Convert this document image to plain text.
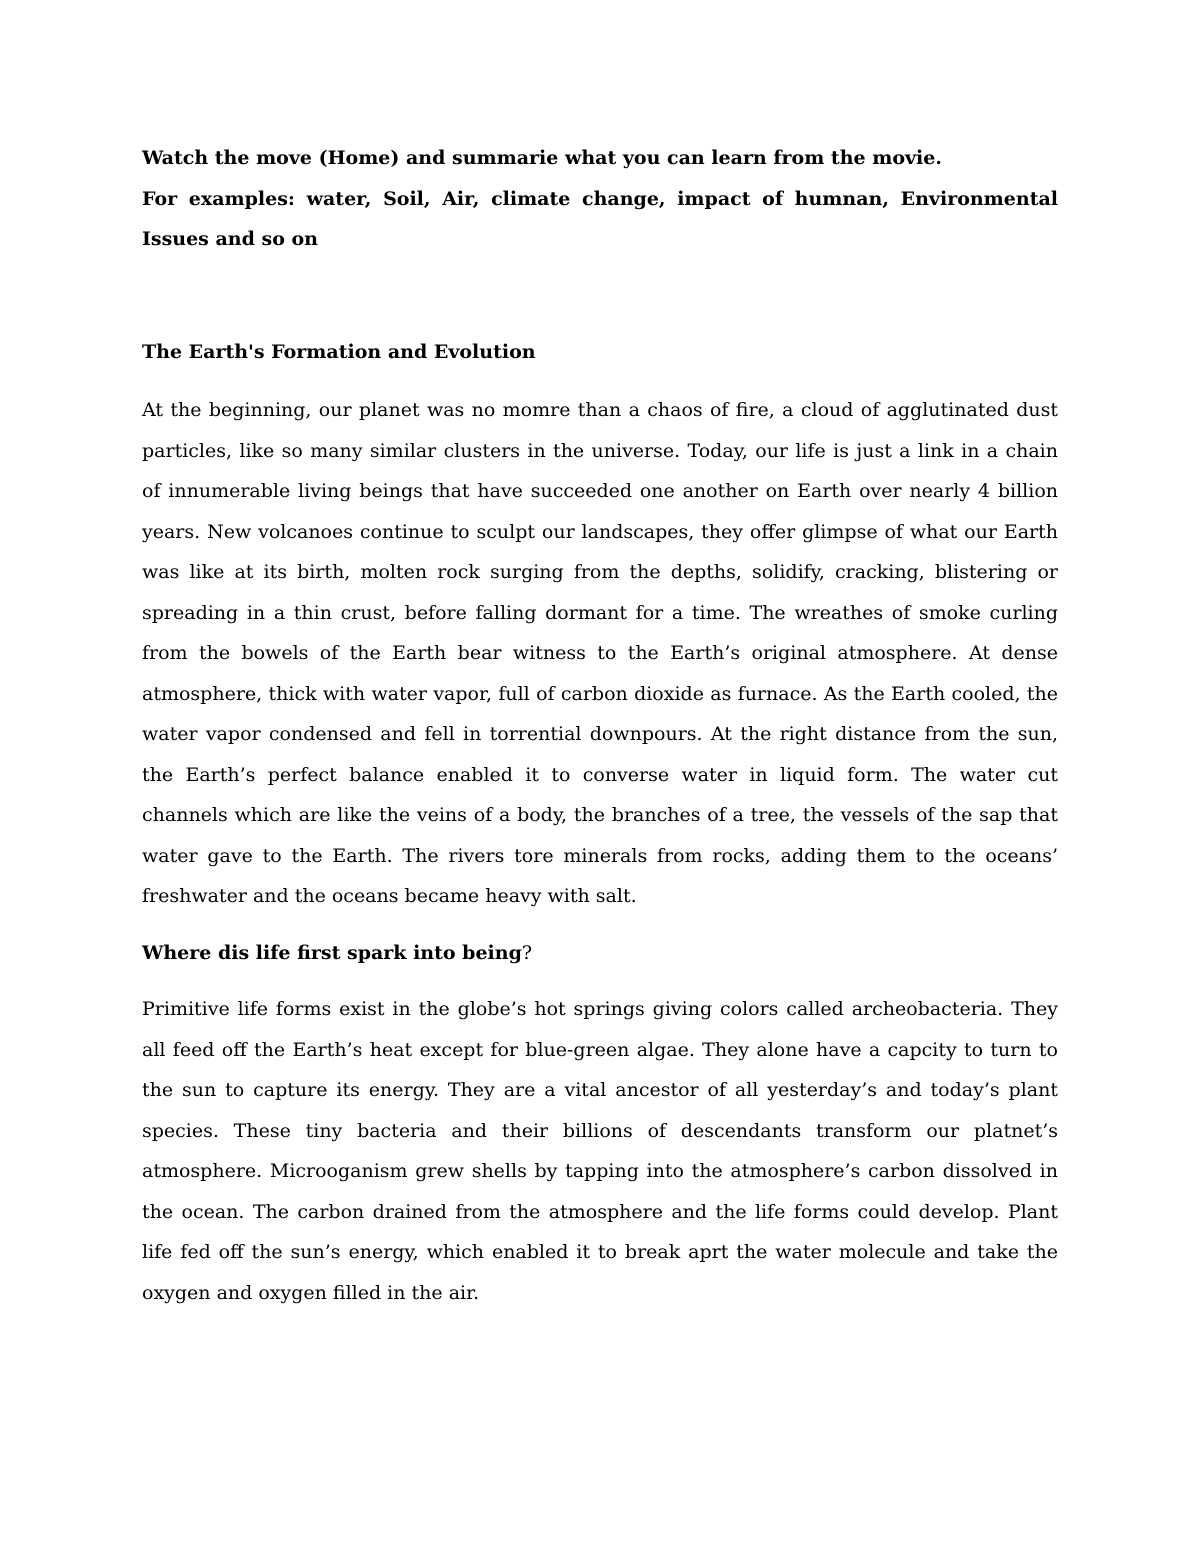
Watch the move (Home) and summarie what you can learn from the movie.

For examples: water, Soil, Air, climate change, impact of humnan, Environmental Issues and so on

The Earth's Formation and Evolution

At the beginning, our planet was no momre than a chaos of fire, a cloud of agglutinated dust particles, like so many similar clusters in the universe. Today, our life is just a link in a chain of innumerable living beings that have succeeded one another on Earth over nearly 4 billion years. New volcanoes continue to sculpt our landscapes, they offer glimpse of what our Earth was like at its birth, molten rock surging from the depths, solidify, cracking, blistering or spreading in a thin crust, before falling dormant for a time. The wreathes of smoke curling from the bowels of the Earth bear witness to the Earth’s original atmosphere. At dense atmosphere, thick with water vapor, full of carbon dioxide as furnace. As the Earth cooled, the water vapor condensed and fell in torrential downpours. At the right distance from the sun, the Earth’s perfect balance enabled it to converse water in liquid form. The water cut channels which are like the veins of a body, the branches of a tree, the vessels of the sap that water gave to the Earth. The rivers tore minerals from rocks, adding them to the oceans’ freshwater and the oceans became heavy with salt.

Where dis life first spark into being?

Primitive life forms exist in the globe’s hot springs giving colors called archeobacteria. They all feed off the Earth’s heat except for blue-green algae. They alone have a capcity to turn to the sun to capture its energy. They are a vital ancestor of all yesterday’s and today’s plant species. These tiny bacteria and their billions of descendants transform our platnet’s atmosphere. Microoganism grew shells by tapping into the atmosphere’s carbon dissolved in the ocean. The carbon drained from the atmosphere and the life forms could develop. Plant life fed off the sun’s energy, which enabled it to break aprt the water molecule and take the oxygen and oxygen filled in the air.
